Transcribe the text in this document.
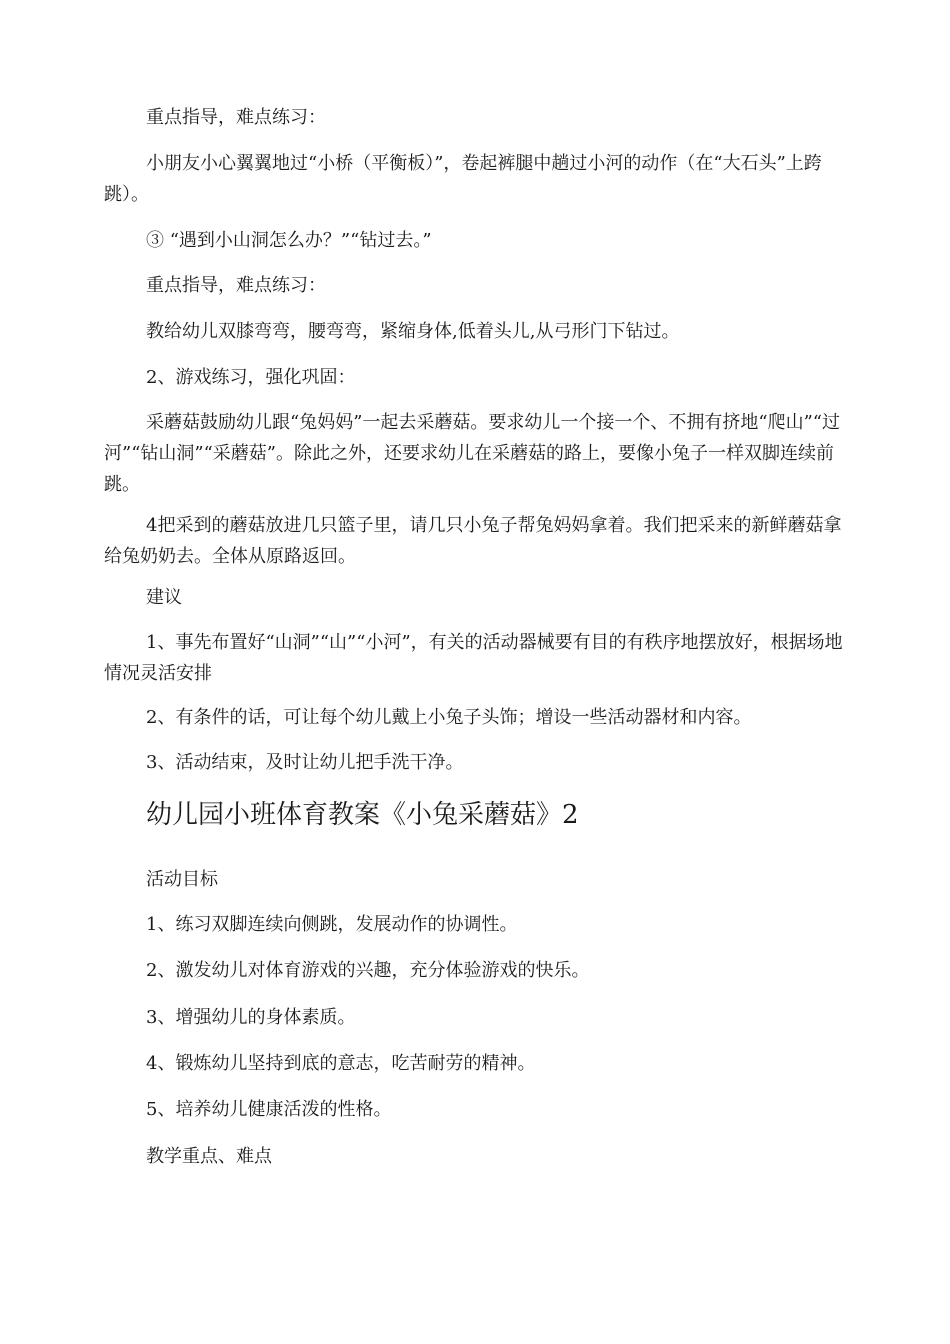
重点指导，难点练习：

小朋友小心翼翼地过“小桥（平衡板）”，卷起裤腿中趟过小河的动作（在“大石头”上跨跳）。

③ “遇到小山洞怎么办？”“钻过去。”

重点指导，难点练习：

教给幼儿双膝弯弯，腰弯弯，紧缩身体,低着头儿,从弓形门下钻过。

2、游戏练习，强化巩固：

采蘑菇鼓励幼儿跟“兔妈妈”一起去采蘑菇。要求幼儿一个接一个、不拥有挤地“爬山”“过河”“钻山洞”“采蘑菇”。除此之外，还要求幼儿在采蘑菇的路上，要像小兔子一样双脚连续前跳。

4把采到的蘑菇放进几只篮子里，请几只小兔子帮兔妈妈拿着。我们把采来的新鲜蘑菇拿给兔奶奶去。全体从原路返回。

建议

1、事先布置好“山洞”“山”“小河”，有关的活动器械要有目的有秩序地摆放好，根据场地情况灵活安排

2、有条件的话，可让每个幼儿戴上小兔子头饰；增设一些活动器材和内容。

3、活动结束，及时让幼儿把手洗干净。

幼儿园小班体育教案《小兔采蘑菇》2

活动目标

1、练习双脚连续向侧跳，发展动作的协调性。

2、激发幼儿对体育游戏的兴趣，充分体验游戏的快乐。

3、增强幼儿的身体素质。

4、锻炼幼儿坚持到底的意志，吃苦耐劳的精神。

5、培养幼儿健康活泼的性格。

教学重点、难点
